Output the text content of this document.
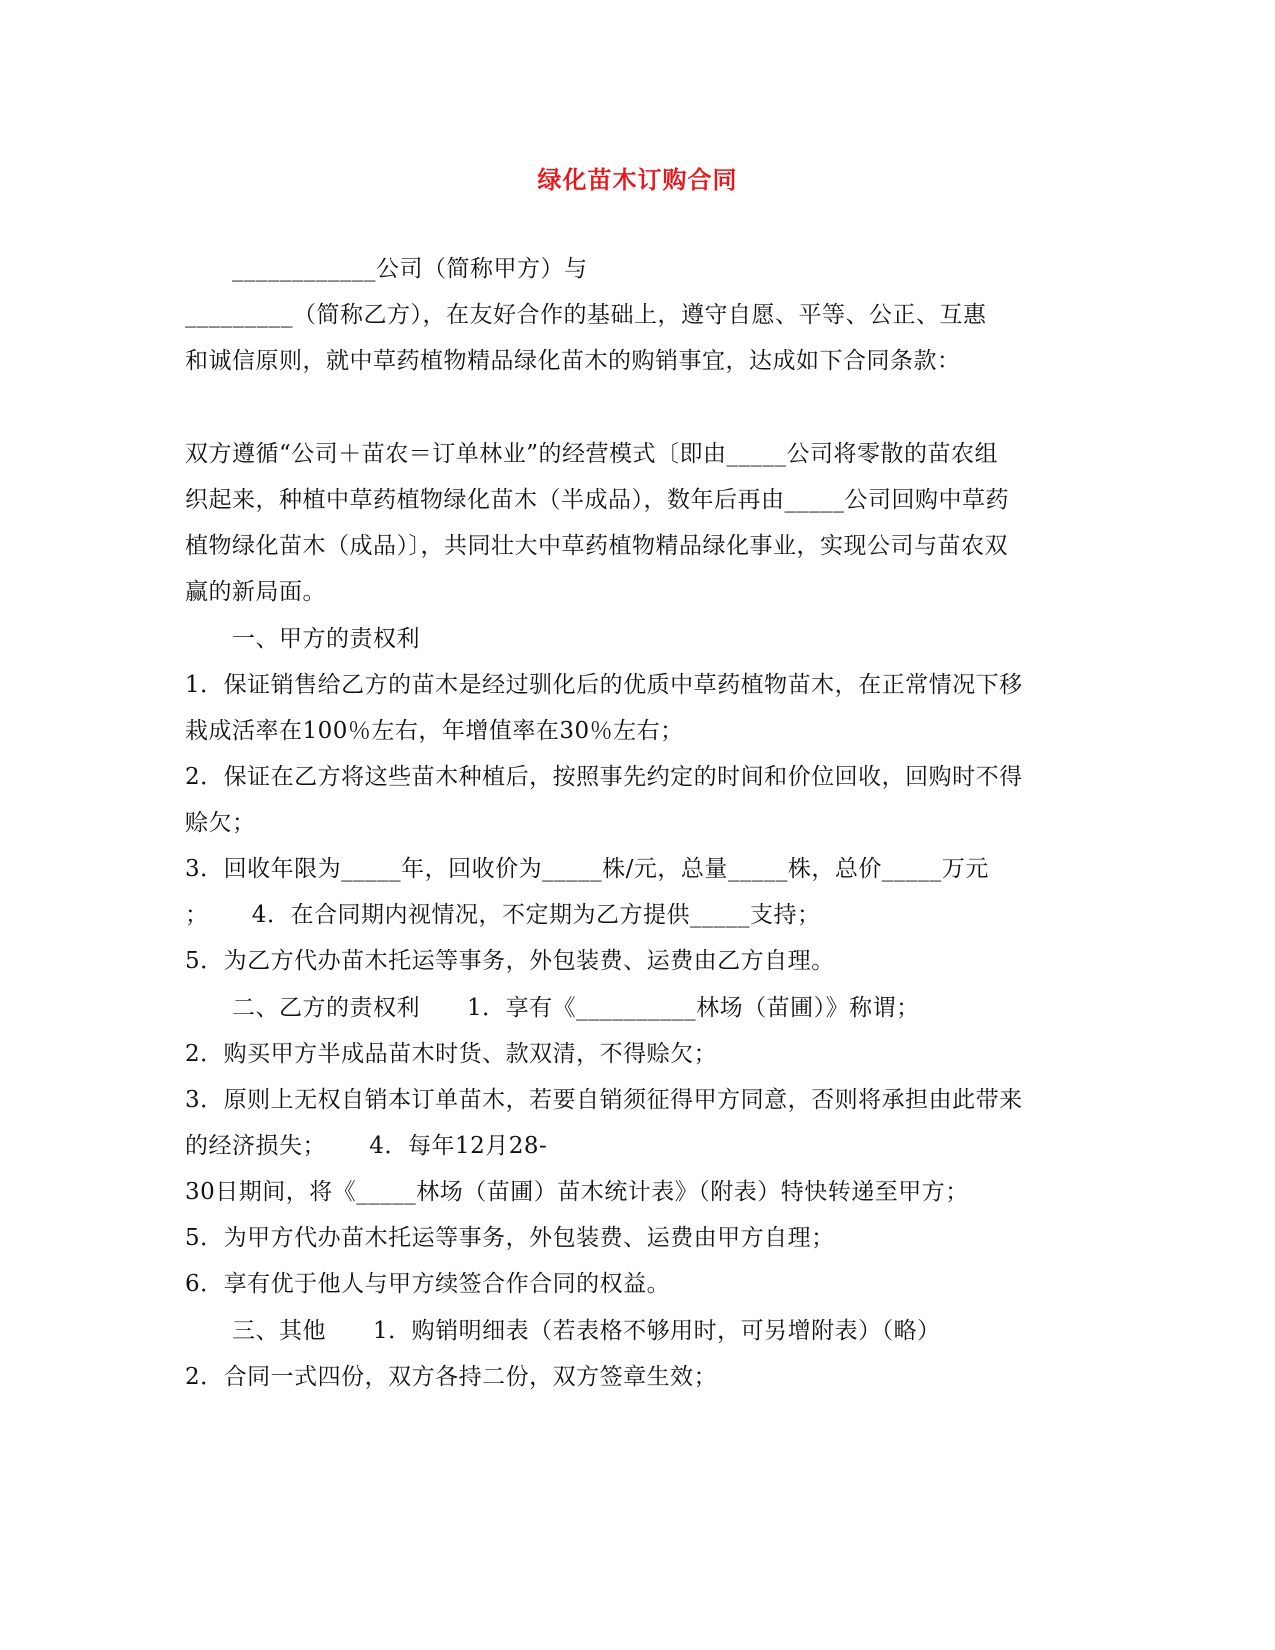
绿化苗木订购合同
　　____________公司（简称甲方）与
_________（简称乙方），在友好合作的基础上，遵守自愿、平等、公正、互惠
和诚信原则，就中草药植物精品绿化苗木的购销事宜，达成如下合同条款：
双方遵循“公司＋苗农＝订单林业”的经营模式〔即由_____公司将零散的苗农组
织起来，种植中草药植物绿化苗木（半成品），数年后再由_____公司回购中草药
植物绿化苗木（成品）〕，共同壮大中草药植物精品绿化事业，实现公司与苗农双
赢的新局面。
　　一、甲方的责权利
1．保证销售给乙方的苗木是经过驯化后的优质中草药植物苗木，在正常情况下移
栽成活率在100％左右，年增值率在30％左右；
2．保证在乙方将这些苗木种植后，按照事先约定的时间和价位回收，回购时不得
赊欠；
3．回收年限为_____年，回收价为_____株/元，总量_____株，总价_____万元
；　　 4．在合同期内视情况，不定期为乙方提供_____支持；
5．为乙方代办苗木托运等事务，外包装费、运费由乙方自理。
　　二、乙方的责权利　　1．享有《__________林场（苗圃）》称谓；
2．购买甲方半成品苗木时货、款双清，不得赊欠；
3．原则上无权自销本订单苗木，若要自销须征得甲方同意，否则将承担由此带来
的经济损失；　　 4．每年12月28-
30日期间，将《_____林场（苗圃）苗木统计表》（附表）特快转递至甲方；
5．为甲方代办苗木托运等事务，外包装费、运费由甲方自理；
6．享有优于他人与甲方续签合作合同的权益。
　　三、其他　　1．购销明细表（若表格不够用时，可另增附表）（略）
2．合同一式四份，双方各持二份，双方签章生效；
